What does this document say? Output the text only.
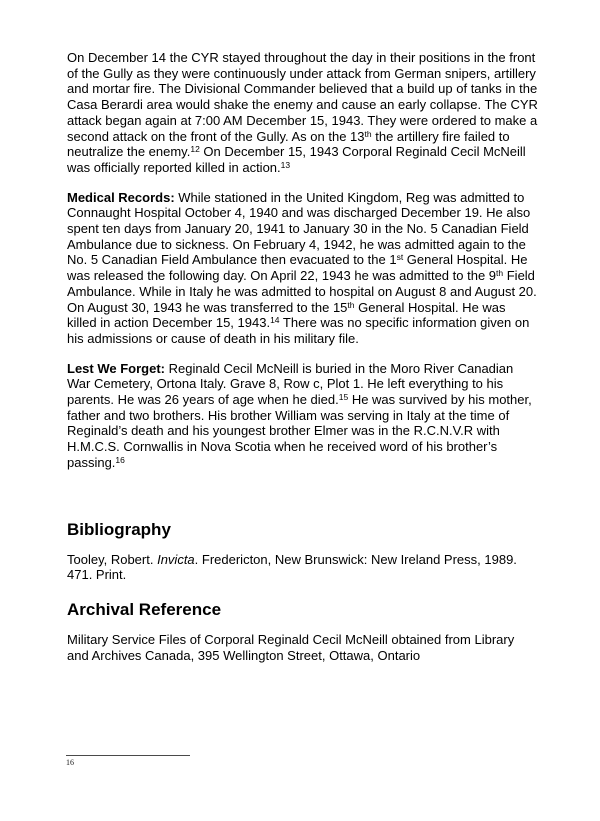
On December 14 the CYR stayed throughout the day in their positions in the front of the Gully as they were continuously under attack from German snipers, artillery and mortar fire. The Divisional Commander believed that a build up of tanks in the Casa Berardi area would shake the enemy and cause an early collapse. The CYR attack began again at 7:00 AM December 15, 1943. They were ordered to make a second attack on the front of the Gully. As on the 13th the artillery fire failed to neutralize the enemy.$^{12}$ On December 15, 1943 Corporal Reginald Cecil McNeill was officially reported killed in action.$^{13}$

Medical Records: While stationed in the United Kingdom, Reg was admitted to Connaught Hospital October 4, 1940 and was discharged December 19. He also spent ten days from January 20, 1941 to January 30 in the No. 5 Canadian Field Ambulance due to sickness. On February 4, 1942, he was admitted again to the No. 5 Canadian Field Ambulance then evacuated to the 1st General Hospital. He was released the following day. On April 22, 1943 he was admitted to the 9th Field Ambulance. While in Italy he was admitted to hospital on August 8 and August 20. On August 30, 1943 he was transferred to the 15th General Hospital. He was killed in action December 15, 1943.14 There was no specific information given on his admissions or cause of death in his military file.

Lest We Forget: Reginald Cecil McNeill is buried in the Moro River Canadian War Cemetery, Ortona Italy. Grave 8, Row c, Plot 1. He left everything to his parents. He was 26 years of age when he died.$^{15}$ He was survived by his mother, father and two brothers. His brother William was serving in Italy at the time of Reginald’s death and his youngest brother Elmer was in the R.C.N.V.R with H.M.C.S. Cornwallis in Nova Scotia when he received word of his brother’s passing.$^{16}$

Bibliography

Tooley, Robert. Invicta. Fredericton, New Brunswick: New Ireland Press, 1989. 471. Print.

Archival Reference

Military Service Files of Corporal Reginald Cecil McNeill obtained from Library and Archives Canada, 395 Wellington Street, Ottawa, Ontario

16
